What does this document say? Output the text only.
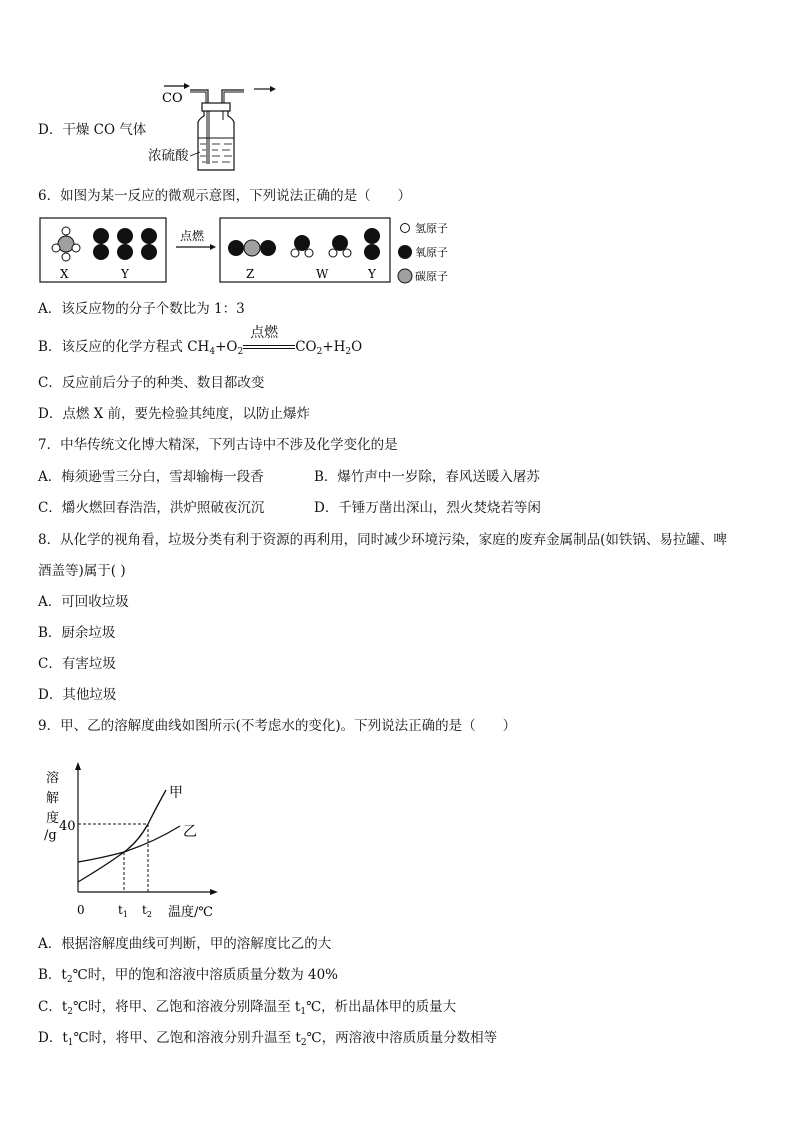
D．干燥 CO 气体
CO
浓硫酸
6．如图为某一反应的微观示意图，下列说法正确的是（　　）
X	Y
点燃
Z	W	Y
氢原子
氧原子
碳原子
A．该反应物的分子个数比为 1：3
B．该反应的化学方程式 $CH_4+O_2$
点燃
$CO_2+H_2O$
C．反应前后分子的种类、数目都改变
D．点燃 X 前，要先检验其纯度，以防止爆炸
7．中华传统文化博大精深，下列古诗中不涉及化学变化的是
A．梅须逊雪三分白，雪却输梅一段香	B．爆竹声中一岁除，春风送暖入屠苏
C．爝火燃回春浩浩，洪炉照破夜沉沉	D．千锤万凿出深山，烈火焚烧若等闲
8．从化学的视角看，垃圾分类有利于资源的再利用，同时减少环境污染，家庭的废弃金属制品(如铁锅、易拉罐、啤
酒盖等)属于( )
A．可回收垃圾
B．厨余垃圾
C．有害垃圾
D．其他垃圾
9．甲、乙的溶解度曲线如图所示(不考虑水的变化)。下列说法正确的是（　　）
溶
解
度
/g
40
0	$t_1$ $t_2$ 温度/℃
甲
乙
A．根据溶解度曲线可判断，甲的溶解度比乙的大
B．$t_2℃$时，甲的饱和溶液中溶质质量分数为 40%
C．$t_2℃$时，将甲、乙饱和溶液分别降温至 $t_1℃$，析出晶体甲的质量大
D．$t_1℃$时，将甲、乙饱和溶液分别升温至 $t_2℃$，两溶液中溶质质量分数相等
